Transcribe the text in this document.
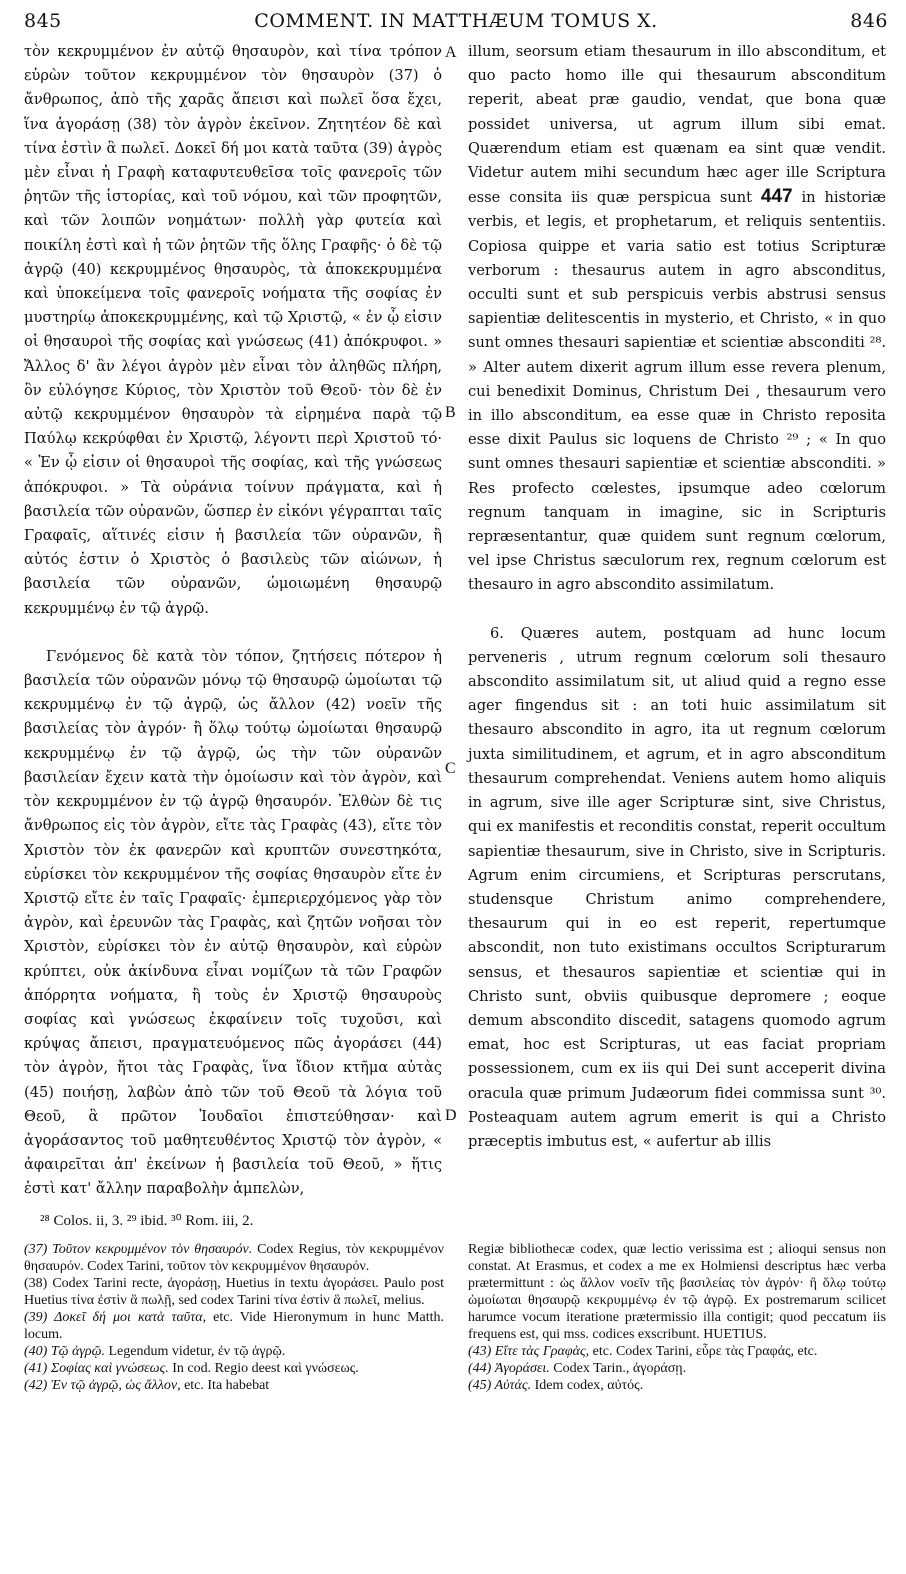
845	COMMENT. IN MATTHÆUM TOMUS X.	846

τὸν κεκρυμμένον ἐν αὐτῷ θησαυρὸν, καὶ τίνα τρόπον εὑρὼν τοῦτον κεκρυμμένον τὸν θησαυρὸν (37) ὁ ἄνθρωπος, ἀπὸ τῆς χαρᾶς ἄπεισι καὶ πωλεῖ ὅσα ἔχει, ἵνα ἀγοράσῃ (38) τὸν ἀγρὸν ἐκεῖνον. Ζητητέον δὲ καὶ τίνα ἐστὶν ἃ πωλεῖ. Δοκεῖ δή μοι κατὰ ταῦτα (39) ἀγρὸς μὲν εἶναι ἡ Γραφὴ καταφυτευθεῖσα τοῖς φανεροῖς τῶν ῥητῶν τῆς ἱστορίας, καὶ τοῦ νόμου, καὶ τῶν προφητῶν, καὶ τῶν λοιπῶν νοημάτων· πολλὴ γὰρ φυτεία καὶ ποικίλη ἐστὶ καὶ ἡ τῶν ῥητῶν τῆς ὅλης Γραφῆς· ὁ δὲ τῷ ἀγρῷ (40) κεκρυμμένος θησαυρὸς, τὰ ἀποκεκρυμμένα καὶ ὑποκείμενα τοῖς φανεροῖς νοήματα τῆς σοφίας ἐν μυστηρίῳ ἀποκεκρυμμένης, καὶ τῷ Χριστῷ, « ἐν ᾧ εἰσιν οἱ θησαυροὶ τῆς σοφίας καὶ γνώσεως (41) ἀπόκρυφοι. » Ἄλλος δ' ἂν λέγοι ἀγρὸν μὲν εἶναι τὸν ἀληθῶς πλήρη, ὃν εὐλόγησε Κύριος, τὸν Χριστὸν τοῦ Θεοῦ· τὸν δὲ ἐν αὐτῷ κεκρυμμένον θησαυρὸν τὰ εἰρημένα παρὰ τῷ Παύλῳ κεκρύφθαι ἐν Χριστῷ, λέγοντι περὶ Χριστοῦ τό· « Ἐν ᾧ εἰσιν οἱ θησαυροὶ τῆς σοφίας, καὶ τῆς γνώσεως ἀπόκρυφοι. » Τὰ οὐράνια τοίνυν πράγματα, καὶ ἡ βασιλεία τῶν οὐρανῶν, ὥσπερ ἐν εἰκόνι γέγραπται ταῖς Γραφαῖς, αἵτινές εἰσιν ἡ βασιλεία τῶν οὐρανῶν, ἢ αὐτός ἐστιν ὁ Χριστὸς ὁ βασιλεὺς τῶν αἰώνων, ἡ βασιλεία τῶν οὐρανῶν, ὡμοιωμένη θησαυρῷ κεκρυμμένῳ ἐν τῷ ἀγρῷ.

Γενόμενος δὲ κατὰ τὸν τόπον, ζητήσεις πότερον ἡ βασιλεία τῶν οὐρανῶν μόνῳ τῷ θησαυρῷ ὡμοίωται τῷ κεκρυμμένῳ ἐν τῷ ἀγρῷ, ὡς ἄλλον (42) νοεῖν τῆς βασιλείας τὸν ἀγρόν· ἢ ὅλῳ τούτῳ ὡμοίωται θησαυρῷ κεκρυμμένῳ ἐν τῷ ἀγρῷ, ὡς τὴν τῶν οὐρανῶν βασιλείαν ἔχειν κατὰ τὴν ὁμοίωσιν καὶ τὸν ἀγρὸν, καὶ τὸν κεκρυμμένον ἐν τῷ ἀγρῷ θησαυρόν. Ἐλθὼν δὲ τις ἄνθρωπος εἰς τὸν ἀγρὸν, εἴτε τὰς Γραφὰς (43), εἴτε τὸν Χριστὸν τὸν ἐκ φανερῶν καὶ κρυπτῶν συνεστηκότα, εὑρίσκει τὸν κεκρυμμένον τῆς σοφίας θησαυρὸν εἴτε ἐν Χριστῷ εἴτε ἐν ταῖς Γραφαῖς· ἐμπεριερχόμενος γὰρ τὸν ἀγρὸν, καὶ ἐρευνῶν τὰς Γραφὰς, καὶ ζητῶν νοῆσαι τὸν Χριστὸν, εὑρίσκει τὸν ἐν αὐτῷ θησαυρὸν, καὶ εὑρὼν κρύπτει, οὐκ ἀκίνδυνα εἶναι νομίζων τὰ τῶν Γραφῶν ἀπόρρητα νοήματα, ἢ τοὺς ἐν Χριστῷ θησαυροὺς σοφίας καὶ γνώσεως ἐκφαίνειν τοῖς τυχοῦσι, καὶ κρύψας ἄπεισι, πραγματευόμενος πῶς ἀγοράσει (44) τὸν ἀγρὸν, ἤτοι τὰς Γραφὰς, ἵνα ἴδιον κτῆμα αὐτὰς (45) ποιήσῃ, λαβὼν ἀπὸ τῶν τοῦ Θεοῦ τὰ λόγια τοῦ Θεοῦ, ἃ πρῶτον Ἰουδαῖοι ἐπιστεύθησαν· καὶ ἀγοράσαντος τοῦ μαθητευθέντος Χριστῷ τὸν ἀγρὸν, « ἀφαιρεῖται ἀπ' ἐκείνων ἡ βασιλεία τοῦ Θεοῦ, » ἥτις ἐστὶ κατ' ἄλλην παραβολὴν ἀμπελὼν,

A
B
C
D

illum, seorsum etiam thesaurum in illo absconditum, et quo pacto homo ille qui thesaurum absconditum reperit, abeat præ gaudio, vendat, que bona quæ possidet universa, ut agrum illum sibi emat. Quærendum etiam est quænam ea sint quæ vendit. Videtur autem mihi secundum hæc ager ille Scriptura esse consita iis quæ perspicua sunt 447 in historiæ verbis, et legis, et prophetarum, et reliquis sententiis. Copiosa quippe et varia satio est totius Scripturæ verborum : thesaurus autem in agro absconditus, occulti sunt et sub perspicuis verbis abstrusi sensus sapientiæ delitescentis in mysterio, et Christo, « in quo sunt omnes thesauri sapientiæ et scientiæ absconditi ²⁸. » Alter autem dixerit agrum illum esse revera plenum, cui benedixit Dominus, Christum Dei , thesaurum vero in illo absconditum, ea esse quæ in Christo reposita esse dixit Paulus sic loquens de Christo ²⁹ ; « In quo sunt omnes thesauri sapientiæ et scientiæ absconditi. » Res profecto cœlestes, ipsumque adeo cœlorum regnum tanquam in imagine, sic in Scripturis repræsentantur, quæ quidem sunt regnum cœlorum, vel ipse Christus sæculorum rex, regnum cœlorum est thesauro in agro abscondito assimilatum.

6. Quæres autem, postquam ad hunc locum perveneris , utrum regnum cœlorum soli thesauro abscondito assimilatum sit, ut aliud quid a regno esse ager fingendus sit : an toti huic assimilatum sit thesauro abscondito in agro, ita ut regnum cœlorum juxta similitudinem, et agrum, et in agro absconditum thesaurum comprehendat. Veniens autem homo aliquis in agrum, sive ille ager Scripturæ sint, sive Christus, qui ex manifestis et reconditis constat, reperit occultum sapientiæ thesaurum, sive in Christo, sive in Scripturis. Agrum enim circumiens, et Scripturas perscrutans, studensque Christum animo comprehendere, thesaurum qui in eo est reperit, repertumque abscondit, non tuto existimans occultos Scripturarum sensus, et thesauros sapientiæ et scientiæ qui in Christo sunt, obviis quibusque depromere ; eoque demum abscondito discedit, satagens quomodo agrum emat, hoc est Scripturas, ut eas faciat propriam possessionem, cum ex iis qui Dei sunt acceperit divina oracula quæ primum Judæorum fidei commissa sunt ³⁰. Posteaquam autem agrum emerit is qui a Christo præceptis imbutus est, « aufertur ab illis

²⁸ Colos. ii, 3. ²⁹ ibid. ³⁰ Rom. iii, 2.

(37) Τοῦτον κεκρυμμένον τὸν θησαυρόν. Codex Regius, τὸν κεκρυμμένον θησαυρόν. Codex Tarini, τοῦτον τὸν κεκρυμμένον θησαυρόν.

(38) Codex Tarini recte, ἀγοράσῃ, Huetius in textu ἀγοράσει. Paulo post Huetius τίνα ἐστὶν ἃ πωλῇ, sed codex Tarini τίνα ἐστὶν ἃ πωλεῖ, melius.

(39) Δοκεῖ δή μοι κατὰ ταῦτα, etc. Vide Hieronymum in hunc Matth. locum.

(40) Τῷ ἀγρῷ. Legendum videtur, ἐν τῷ ἀγρῷ.

(41) Σοφίας καὶ γνώσεως. In cod. Regio deest καὶ γνώσεως.

(42) Ἐν τῷ ἀγρῷ, ὡς ἄλλον, etc. Ita habebat

Regiæ bibliothecæ codex, quæ lectio verissima est ; alioqui sensus non constat. At Erasmus, et codex a me ex Holmiensi descriptus hæc verba prætermittunt : ὡς ἄλλον νοεῖν τῆς βασιλείας τὸν ἀγρόν· ἢ ὅλῳ τούτῳ ὡμοίωται θησαυρῷ κεκρυμμένῳ ἐν τῷ ἀγρῷ. Ex postremarum scilicet harumce vocum iteratione prætermissio illa contigit; quod peccatum iis frequens est, qui mss. codices exscribunt. HUETIUS.

(43) Εἴτε τὰς Γραφὰς, etc. Codex Tarini, εὗρε τὰς Γραφάς, etc.

(44) Ἀγοράσει. Codex Tarin., ἀγοράσῃ.

(45) Αὐτάς. Idem codex, αὐτός.
